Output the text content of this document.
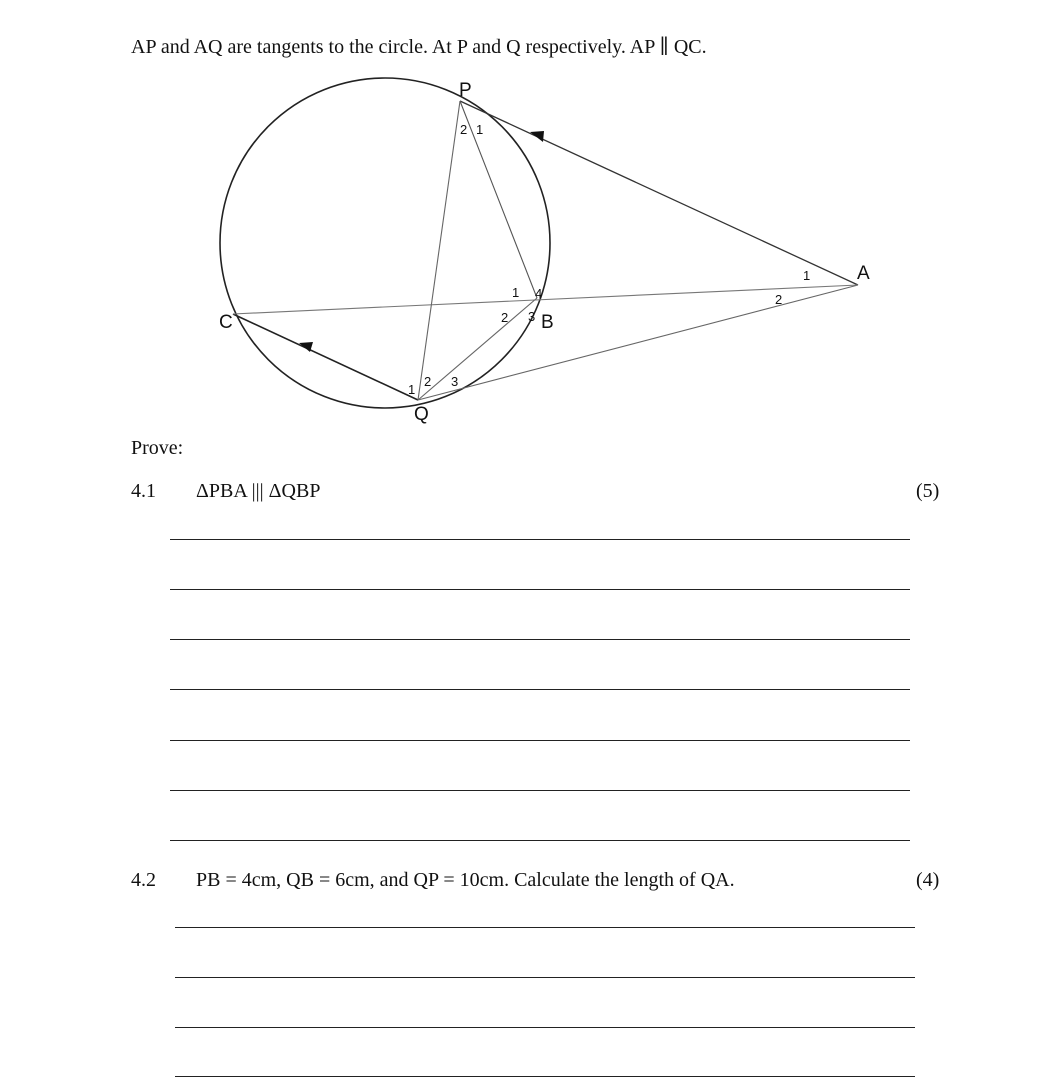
AP and AQ are tangents to the circle. At P and Q respectively. AP ∥ QC.
P
A
B
C
Q
2 1
1
2
1 4
2 3
1
2 3
Prove:
4.1 ΔPBA ||| ΔQBP	(5)
4.2 PB = 4cm, QB = 6cm, and QP = 10cm. Calculate the length of QA.	(4)
